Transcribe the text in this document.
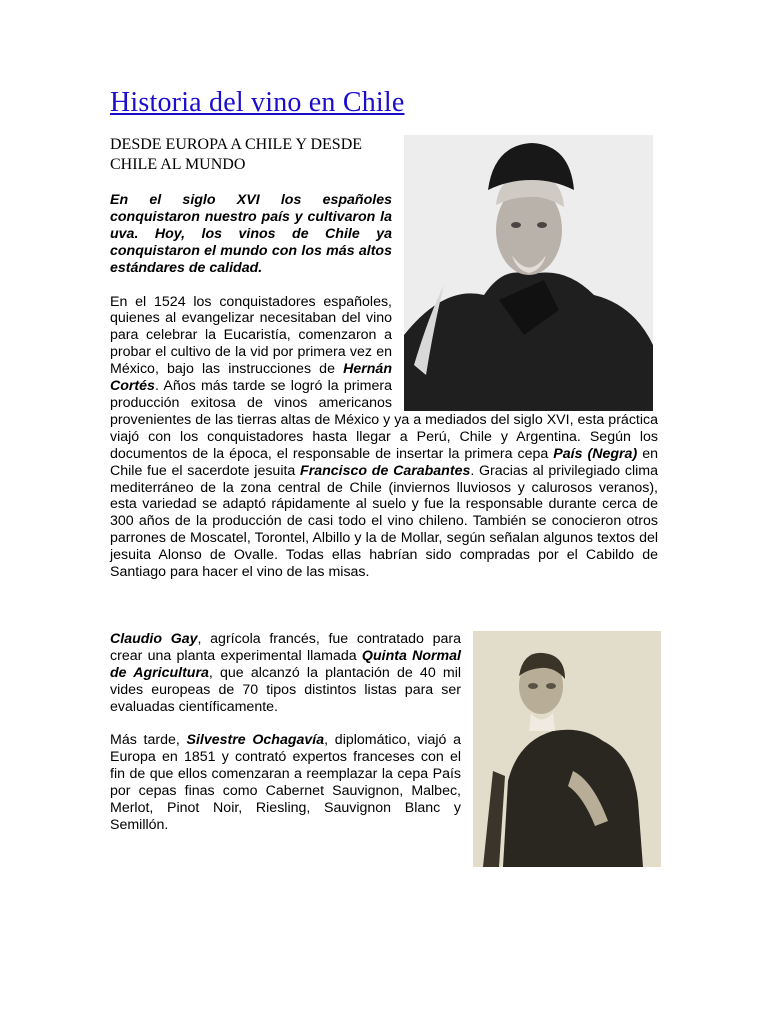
Historia del vino en Chile
DESDE EUROPA A CHILE Y DESDE CHILE AL MUNDO

En el siglo XVI los españoles conquistaron nuestro país y cultivaron la uva. Hoy, los vinos de Chile ya conquistaron el mundo con los más altos estándares de calidad.

En el 1524 los conquistadores españoles, quienes al evangelizar necesitaban del vino para celebrar la Eucaristía, comenzaron a probar el cultivo de la vid por primera vez en México, bajo las instrucciones de Hernán Cortés. Años más tarde se logró la primera producción exitosa de vinos americanos provenientes de las tierras altas de México y ya a mediados del siglo XVI, esta práctica viajó con los conquistadores hasta llegar a Perú, Chile y Argentina. Según los documentos de la época, el responsable de insertar la primera cepa País (Negra) en Chile fue el sacerdote jesuita Francisco de Carabantes. Gracias al privilegiado clima mediterráneo de la zona central de Chile (inviernos lluviosos y calurosos veranos), esta variedad se adaptó rápidamente al suelo y fue la responsable durante cerca de 300 años de la producción de casi todo el vino chileno. También se conocieron otros parrones de Moscatel, Torontel, Albillo y la de Mollar, según señalan algunos textos del jesuita Alonso de Ovalle. Todas ellas habrían sido compradas por el Cabildo de Santiago para hacer el vino de las misas.

Claudio Gay, agrícola francés, fue contratado para crear una planta experimental llamada Quinta Normal de Agricultura, que alcanzó la plantación de 40 mil vides europeas de 70 tipos distintos listas para ser evaluadas científicamente.

Más tarde, Silvestre Ochagavía, diplomático, viajó a Europa en 1851 y contrató expertos franceses con el fin de que ellos comenzaran a reemplazar la cepa País por cepas finas como Cabernet Sauvignon, Malbec, Merlot, Pinot Noir, Riesling, Sauvignon Blanc y Semillón.
